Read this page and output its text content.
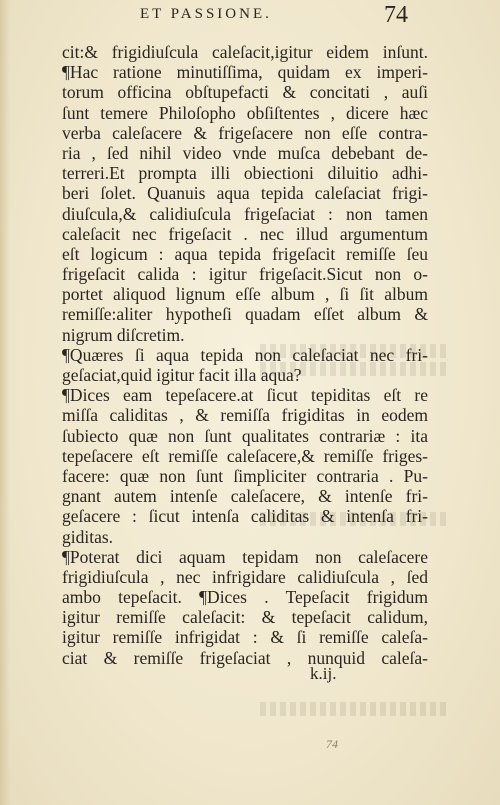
ET PASSIONE.	74
cit:& frigidiuſcula caleſacit,igitur eidem inſunt.
¶Hac ratione minutiſſima, quidam ex imperi-
torum officina obſtupefacti & concitati , auſi
ſunt temere Philoſopho obſiſtentes , dicere hæc
verba caleſacere & frigeſacere non eſſe contra-
ria , ſed nihil video vnde muſca debebant de-
terreri.Et prompta illi obiectioni diluitio adhi-
beri ſolet. Quanuis aqua tepida caleſaciat frigi-
diuſcula,& calidiuſcula frigeſaciat : non tamen
caleſacit nec frigeſacit . nec illud argumentum
eſt logicum : aqua tepida frigeſacit remiſſe ſeu
frigeſacit calida : igitur frigeſacit.Sicut non o-
portet aliquod lignum eſſe album , ſi ſit album
remiſſe:aliter hypotheſi quadam eſſet album &
nigrum diſcretim.
¶Quæres ſi aqua tepida non caleſaciat nec fri-
geſaciat,quid igitur facit illa aqua?
¶Dices eam tepeſacere.at ſicut tepiditas eſt re
miſſa caliditas , & remiſſa frigiditas in eodem
ſubiecto quæ non ſunt qualitates contrariæ : ita
tepeſacere eſt remiſſe caleſacere,& remiſſe friges-
facere: quæ non ſunt ſimpliciter contraria . Pu-
gnant autem intenſe caleſacere, & intenſe fri-
geſacere : ſicut intenſa caliditas & intenſa fri-
giditas.
¶Poterat dici aquam tepidam non caleſacere
frigidiuſcula , nec infrigidare calidiuſcula , ſed
ambo tepeſacit. ¶Dices . Tepeſacit frigidum
igitur remiſſe caleſacit: & tepeſacit calidum,
igitur remiſſe infrigidat : & ſi remiſſe caleſa-
ciat & remiſſe frigeſaciat , nunquid caleſa-
k.ij.
74
